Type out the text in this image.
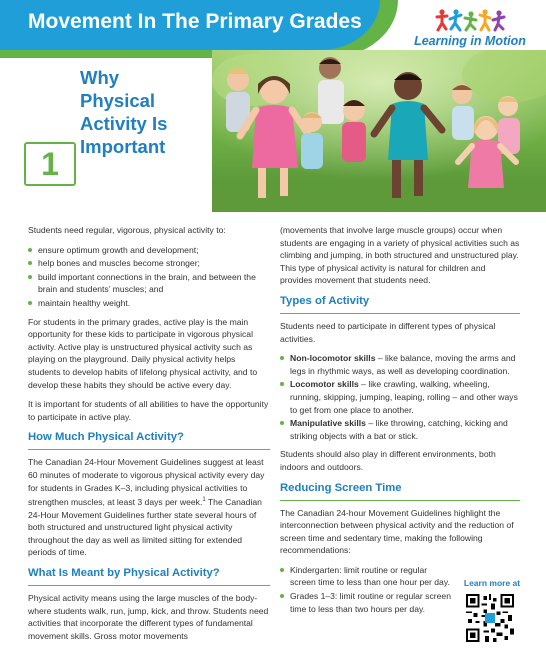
Movement In The Primary Grades
Learning in Motion
Why
Physical
Activity Is
Important
1

Students need regular, vigorous, physical activity to:

ensure optimum growth and development;
help bones and muscles become stronger;
build important connections in the brain, and between the brain and students’ muscles; and
maintain healthy weight.

For students in the primary grades, active play is the main opportunity for these kids to participate in vigorous physical activity. Active play is unstructured physical activity such as playing on the playground. Daily physical activity helps students to develop habits of lifelong physical activity, and to develop these habits they should be active every day.

It is important for students of all abilities to have the opportunity to participate in active play.

How Much Physical Activity?

The Canadian 24-Hour Movement Guidelines suggest at least 60 minutes of moderate to vigorous physical activity every day for students in Grades K–3, including physical activities to strengthen muscles, at least 3 days per week.$^1$ The Canadian 24-Hour Movement Guidelines further state several hours of both structured and unstructured light physical activity throughout the day as well as limited sitting for extended periods of time.

What Is Meant by Physical Activity?

Physical activity means using the large muscles of the body- where students walk, run, jump, kick, and throw. Students need activities that incorporate the different types of fundamental movement skills. Gross motor movements

(movements that involve large muscle groups) occur when students are engaging in a variety of physical activities such as climbing and jumping, in both structured and unstructured play. This type of physical activity is natural for children and provides movement that students need.

Types of Activity

Students need to participate in different types of physical activities.

Non-locomotor skills – like balance, moving the arms and legs in rhythmic ways, as well as developing coordination.
Locomotor skills – like crawling, walking, wheeling, running, skipping, jumping, leaping, rolling – and other ways to get from one place to another.
Manipulative skills – like throwing, catching, kicking and striking objects with a bat or stick.

Students should also play in different environments, both indoors and outdoors.

Reducing Screen Time

The Canadian 24-hour Movement Guidelines highlight the interconnection between physical activity and the reduction of screen time and sedentary time, making the following recommendations:

Kindergarten: limit routine or regular screen time to less than one hour per day.
Grades 1–3: limit routine or regular screen time to less than two hours per day.
Learn more at
